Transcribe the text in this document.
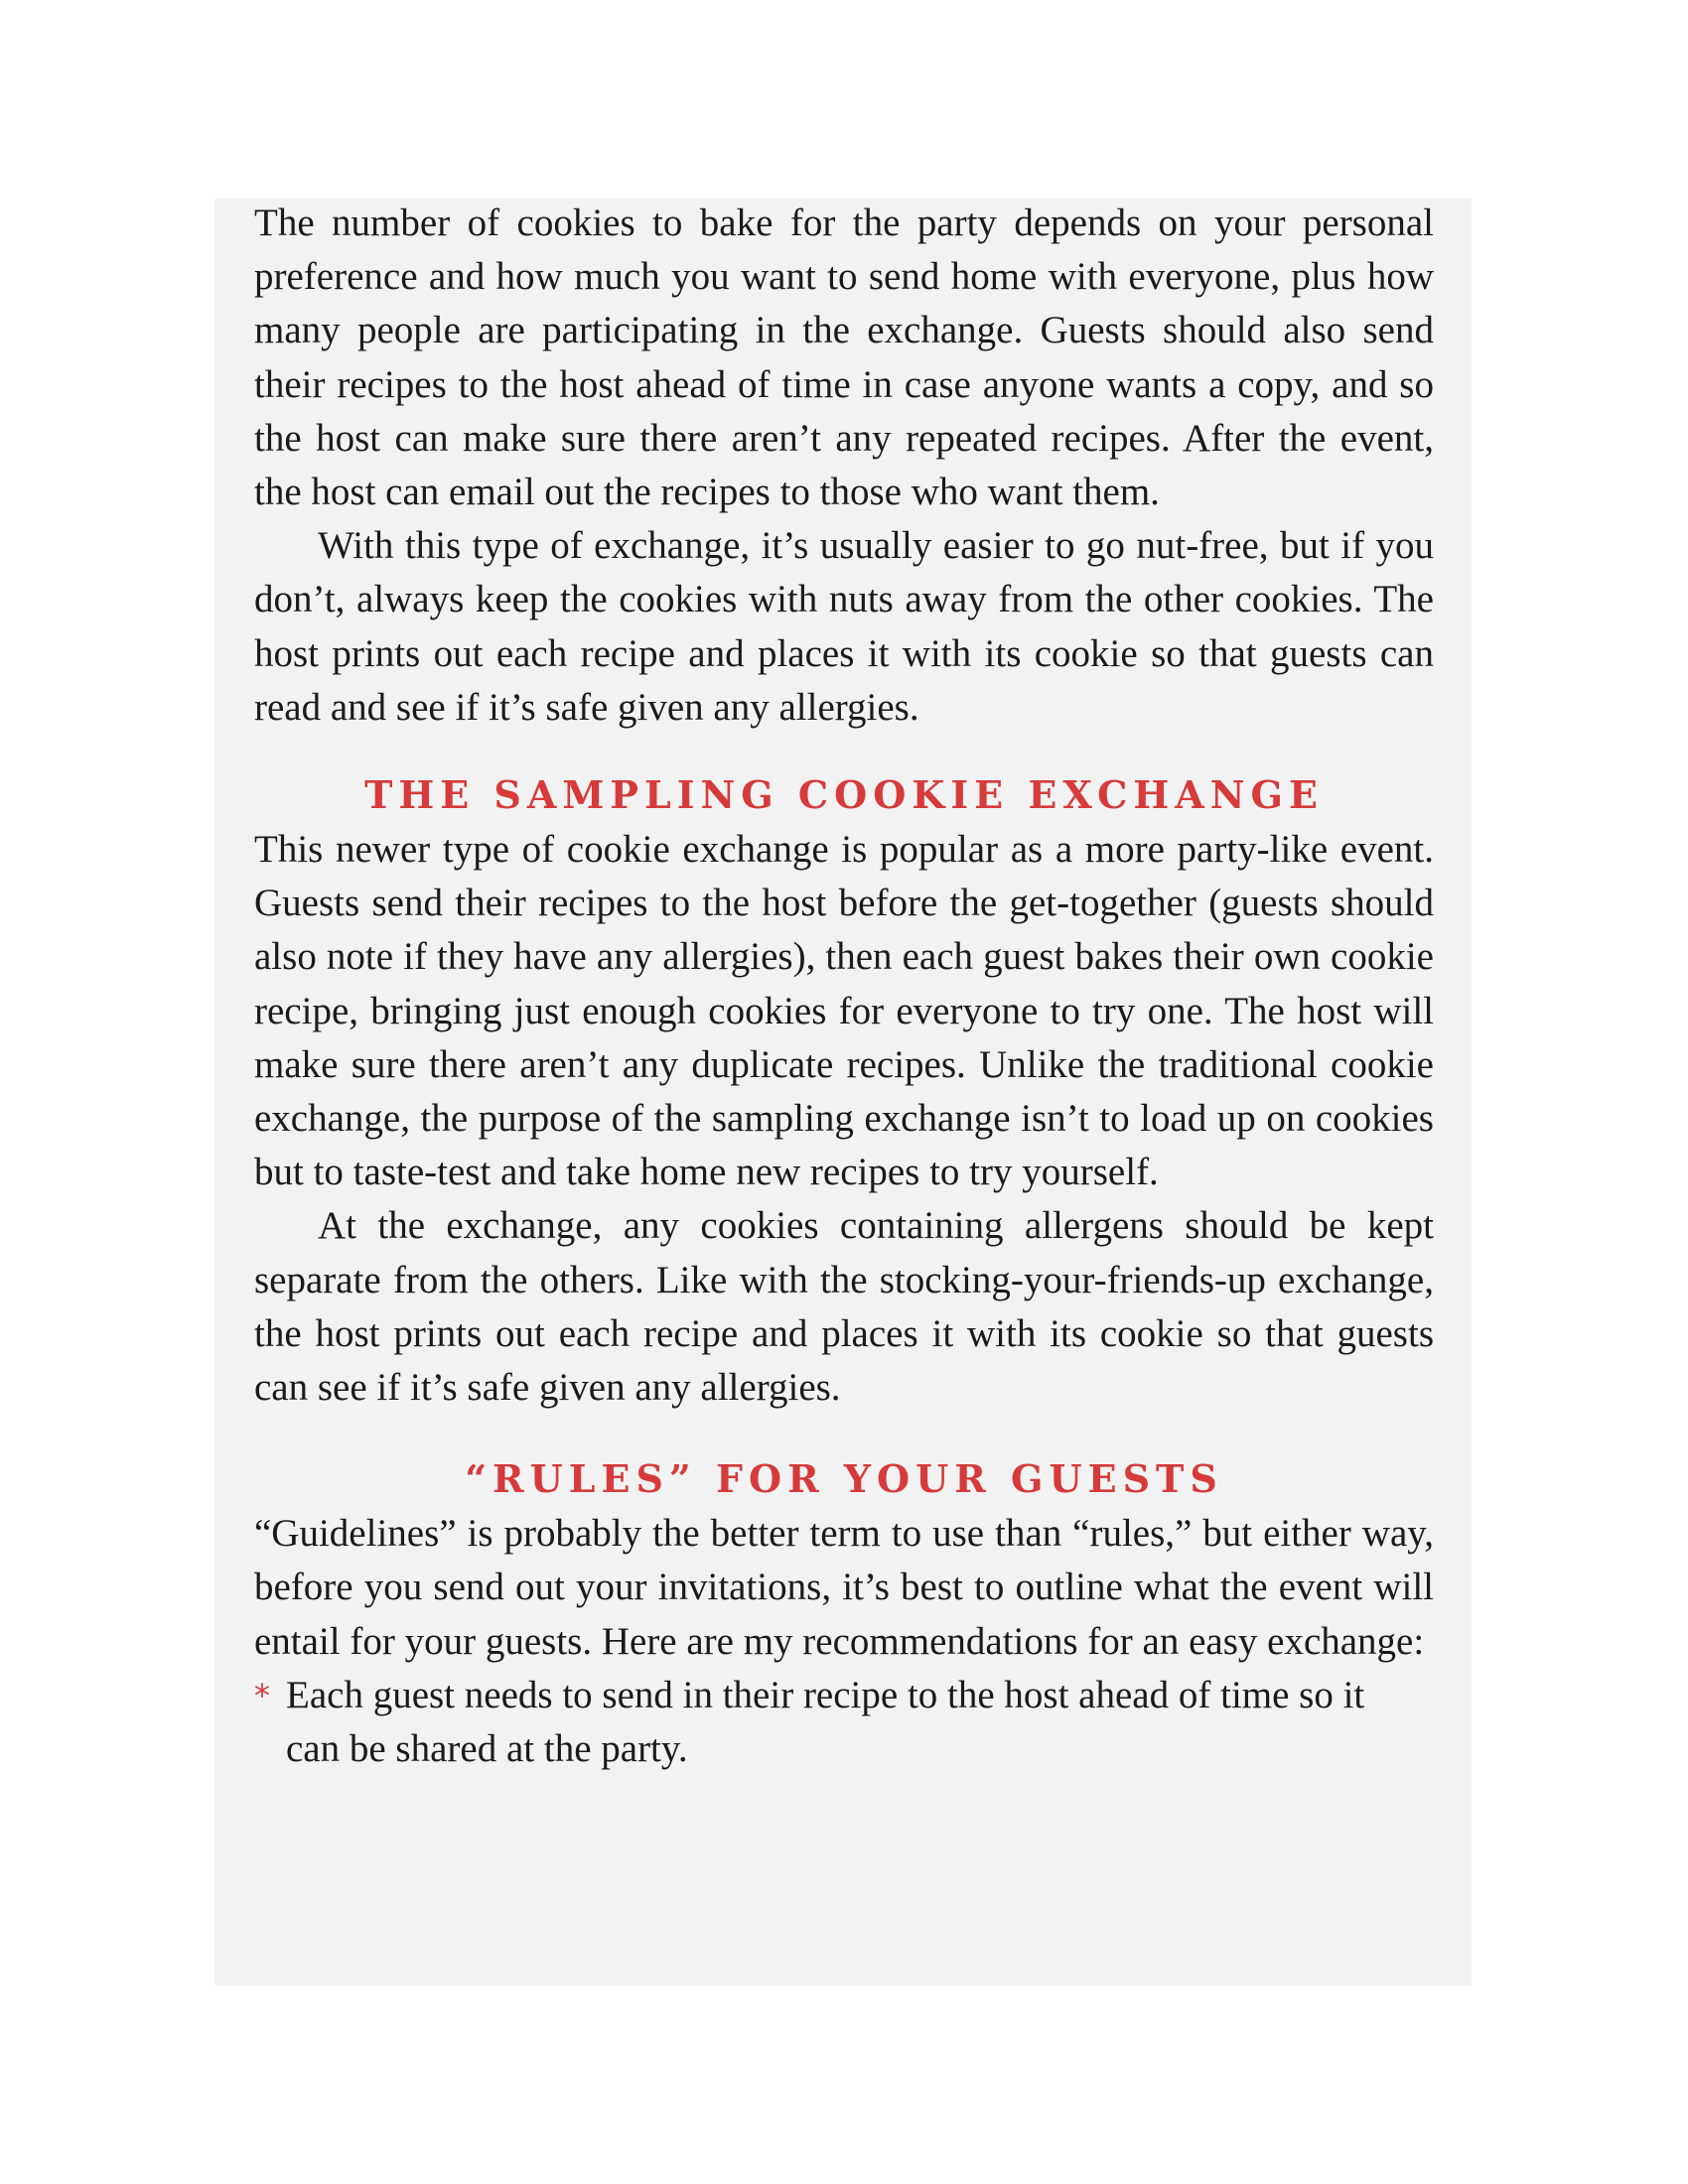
The number of cookies to bake for the party depends on your personal preference and how much you want to send home with everyone, plus how many people are participating in the exchange. Guests should also send their recipes to the host ahead of time in case anyone wants a copy, and so the host can make sure there aren’t any repeated recipes. After the event, the host can email out the recipes to those who want them.

With this type of exchange, it’s usually easier to go nut-free, but if you don’t, always keep the cookies with nuts away from the other cookies. The host prints out each recipe and places it with its cookie so that guests can read and see if it’s safe given any allergies.

THE SAMPLING COOKIE EXCHANGE

This newer type of cookie exchange is popular as a more party-like event. Guests send their recipes to the host before the get-together (guests should also note if they have any allergies), then each guest bakes their own cookie recipe, bringing just enough cookies for everyone to try one. The host will make sure there aren’t any duplicate recipes. Unlike the traditional cookie exchange, the purpose of the sampling exchange isn’t to load up on cookies but to taste-test and take home new recipes to try yourself.

At the exchange, any cookies containing allergens should be kept separate from the others. Like with the stocking-your-friends-up exchange, the host prints out each recipe and places it with its cookie so that guests can see if it’s safe given any allergies.

“RULES” FOR YOUR GUESTS

“Guidelines” is probably the better term to use than “rules,” but either way, before you send out your invitations, it’s best to outline what the event will entail for your guests. Here are my recommendations for an easy exchange:

* Each guest needs to send in their recipe to the host ahead of time so it can be shared at the party.
